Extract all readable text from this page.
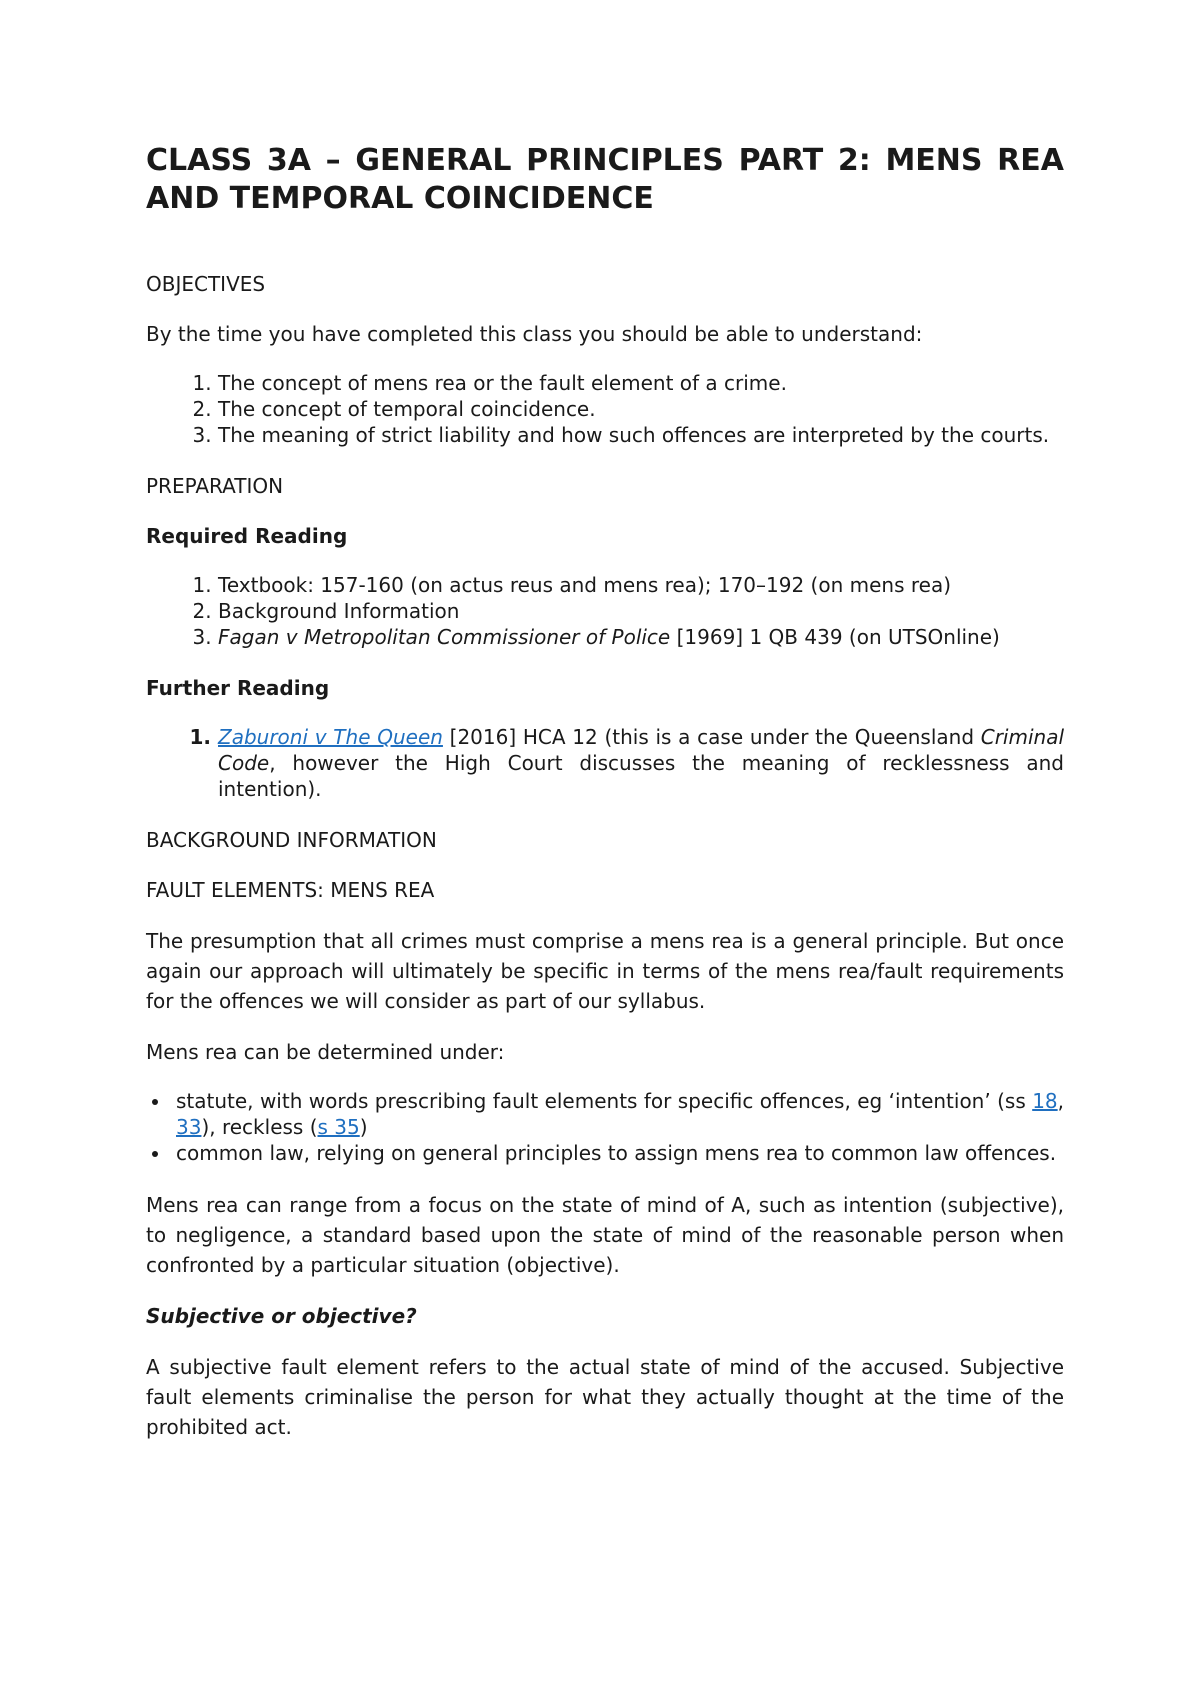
CLASS 3A – GENERAL PRINCIPLES PART 2: MENS REA AND TEMPORAL COINCIDENCE
OBJECTIVES

By the time you have completed this class you should be able to understand:

1. The concept of mens rea or the fault element of a crime.
2. The concept of temporal coincidence.
3. The meaning of strict liability and how such offences are interpreted by the courts.
PREPARATION
Required Reading
1. Textbook: 157-160 (on actus reus and mens rea); 170–192 (on mens rea)
2. Background Information
3. Fagan v Metropolitan Commissioner of Police [1969] 1 QB 439 (on UTSOnline)
Further Reading
1. Zaburoni v The Queen [2016] HCA 12 (this is a case under the Queensland Criminal Code, however the High Court discusses the meaning of recklessness and intention).
BACKGROUND INFORMATION
FAULT ELEMENTS: MENS REA

The presumption that all crimes must comprise a mens rea is a general principle. But once again our approach will ultimately be specific in terms of the mens rea/fault requirements for the offences we will consider as part of our syllabus.

Mens rea can be determined under:

statute, with words prescribing fault elements for specific offences, eg ‘intention’ (ss 18, 33), reckless (s 35)
common law, relying on general principles to assign mens rea to common law offences.

Mens rea can range from a focus on the state of mind of A, such as intention (subjective), to negligence, a standard based upon the state of mind of the reasonable person when confronted by a particular situation (objective).

Subjective or objective?

A subjective fault element refers to the actual state of mind of the accused. Subjective fault elements criminalise the person for what they actually thought at the time of the prohibited act.
